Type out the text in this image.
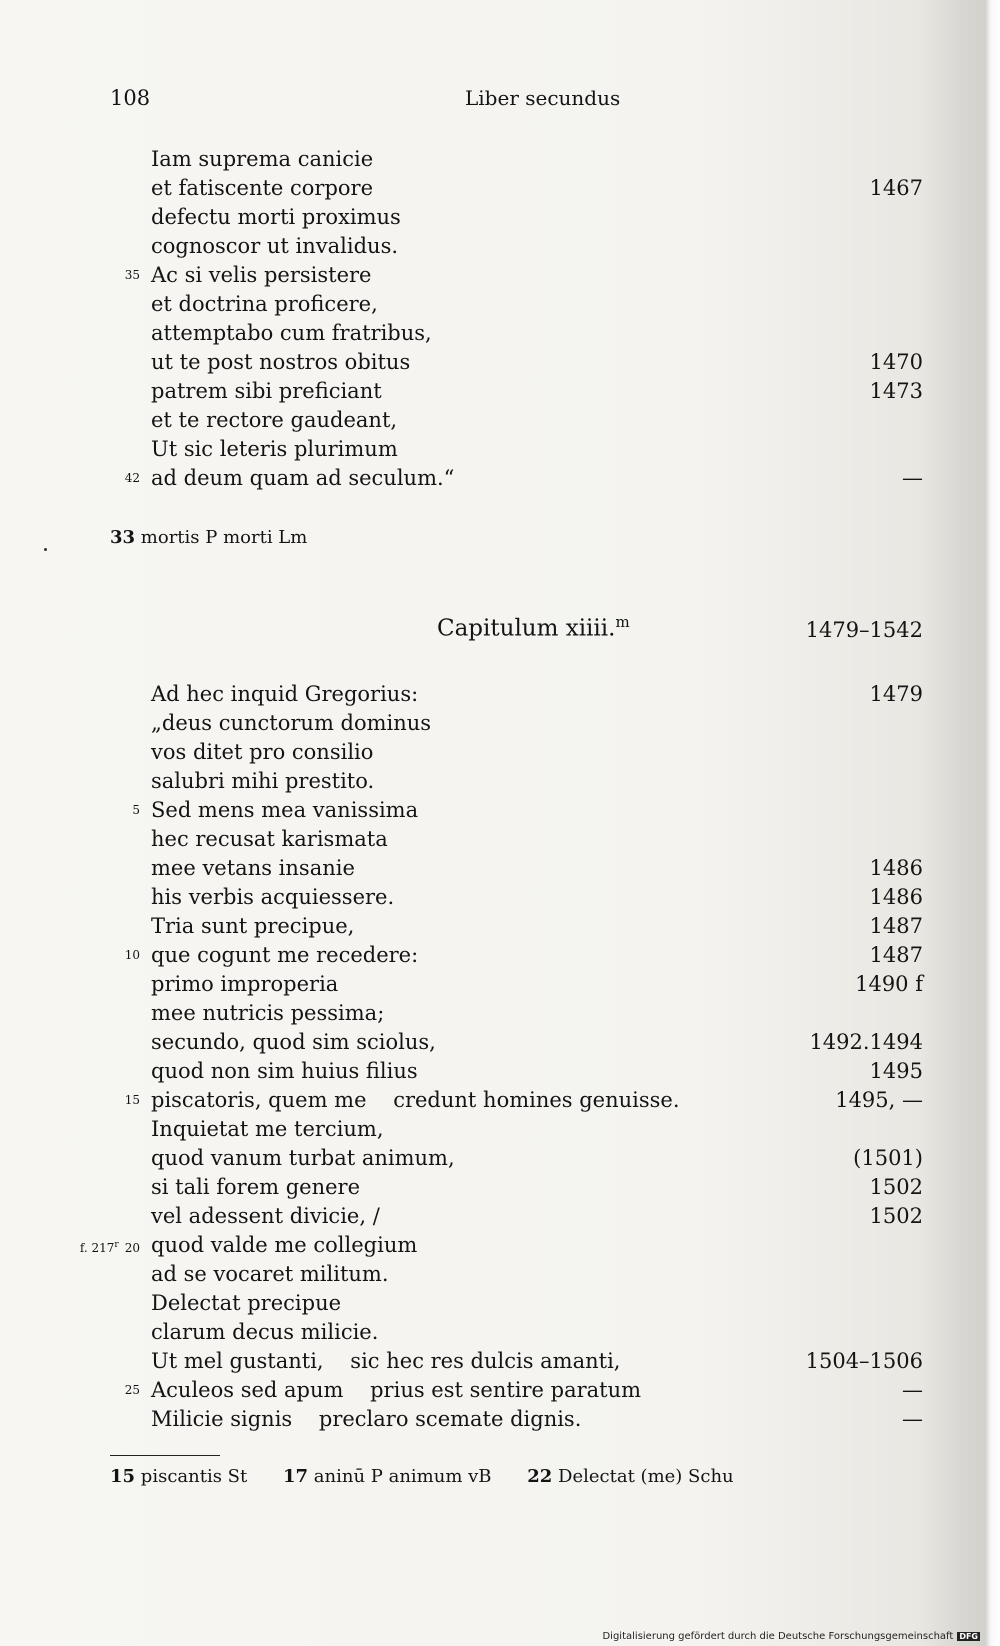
108	Liber secundus
Iam suprema canicie
et fatiscente corpore	1467
defectu morti proximus
cognoscor ut invalidus.
35 Ac si velis persistere
et doctrina proficere,
attemptabo cum fratribus,
ut te post nostros obitus	1470
patrem sibi preficiant	1473
et te rectore gaudeant,
Ut sic leteris plurimum
42 ad deum quam ad seculum.“	—
33 mortis P morti Lm
Capitulum xiiii.$^m$	1479–1542
Ad hec inquid Gregorius:	1479
„deus cunctorum dominus
vos ditet pro consilio
salubri mihi prestito.
5 Sed mens mea vanissima
hec recusat karismata
mee vetans insanie	1486
his verbis acquiessere.	1486
Tria sunt precipue,	1487
10 que cogunt me recedere:	1487
primo improperia	1490 f
mee nutricis pessima;
secundo, quod sim sciolus,	1492.1494
quod non sim huius filius	1495
15 piscatoris, quem me    credunt homines genuisse.	1495, —
Inquietat me tercium,
quod vanum turbat animum,	(1501)
si tali forem genere	1502
vel adessent divicie, /	1502
f. 217$^r$ 20 quod valde me collegium
ad se vocaret militum.
Delectat precipue
clarum decus milicie.
Ut mel gustanti,    sic hec res dulcis amanti,	1504–1506
25 Aculeos sed apum    prius est sentire paratum	—
Milicie signis    preclaro scemate dignis.	—
15 piscantis St 17 aninū P animum vB 22 Delectat (me) Schu
Digitalisierung gefördert durch die Deutsche Forschungsgemeinschaft DFG
